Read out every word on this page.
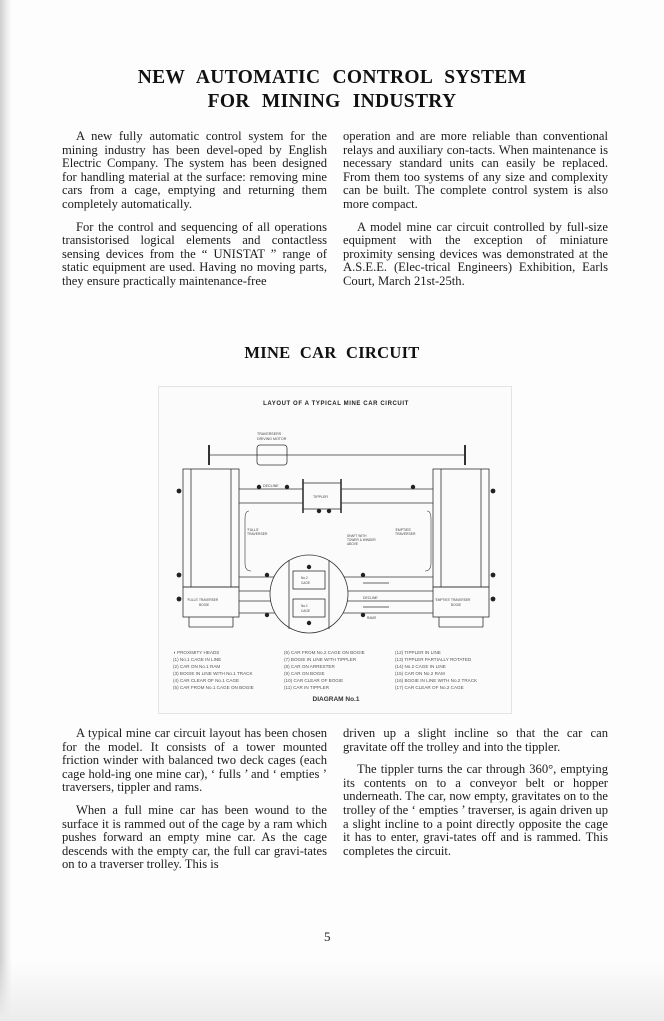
NEW AUTOMATIC CONTROL SYSTEM
FOR MINING INDUSTRY

A new fully automatic control system for the mining industry has been devel-oped by English Electric Company. The system has been designed for handling material at the surface: removing mine cars from a cage, emptying and returning them completely automatically.

For the control and sequencing of all operations transistorised logical elements and contactless sensing devices from the “ UNISTAT ” range of static equipment are used. Having no moving parts, they ensure practically maintenance-free

operation and are more reliable than conventional relays and auxiliary con-tacts. When maintenance is necessary standard units can easily be replaced. From them too systems of any size and complexity can be built. The complete control system is also more compact.

A model mine car circuit controlled by full-size equipment with the exception of miniature proximity sensing devices was demonstrated at the A.S.E.E. (Elec-trical Engineers) Exhibition, Earls Court, March 21st-25th.

MINE CAR CIRCUIT
LAYOUT OF A TYPICAL MINE CAR CIRCUIT
TRAVERSERS
DRIVING MOTOR
TIPPLER
DECLINE
'FULLS'
TRAVERSER
'EMPTIES'
TRAVERSER
SHAFT WITH
TOWER & WINDER
ABOVE
No.2
CAGE
No.1
CAGE
DECLINE
RAMS
'FULLS' TRAVERSER
BOGIE
'EMPTIES' TRAVERSER
BOGIE
◖ PROXIMITY HEADS
(1) No.1 CAGE IN LINE
(2) CAR ON No.1 RAM
(3) BOGIE IN LINE WITH No.1 TRACK
(4) CAR CLEAR OF No.1 CAGE
(5) CAR FROM No.1 CAGE ON BOGIE
(6) CAR FROM No.2 CAGE ON BOGIE
(7) BOGIE IN LINE WITH TIPPLER
(8) CAR ON ARRESTER
(9) CAR ON BOGIE
(10) CAR CLEAR OF BOGIE
(11) CAR IN TIPPLER
(12) TIPPLER IN LINE
(13) TIPPLER PARTIALLY ROTATED
(14) No.2 CAGE IN LINE
(15) CAR ON No.2 RAM
(16) BOGIE IN LINE WITH No.2 TRACK
(17) CAR CLEAR OF No.2 CAGE
DIAGRAM No.1

A typical mine car circuit layout has been chosen for the model. It consists of a tower mounted friction winder with balanced two deck cages (each cage hold-ing one mine car), ‘ fulls ’ and ‘ empties ’ traversers, tippler and rams.

When a full mine car has been wound to the surface it is rammed out of the cage by a ram which pushes forward an empty mine car. As the cage descends with the empty car, the full car gravi-tates on to a traverser trolley. This is

driven up a slight incline so that the car can gravitate off the trolley and into the tippler.

The tippler turns the car through 360°, emptying its contents on to a conveyor belt or hopper underneath. The car, now empty, gravitates on to the trolley of the ‘ empties ’ traverser, is again driven up a slight incline to a point directly opposite the cage it has to enter, gravi-tates off and is rammed. This completes the circuit.

5
